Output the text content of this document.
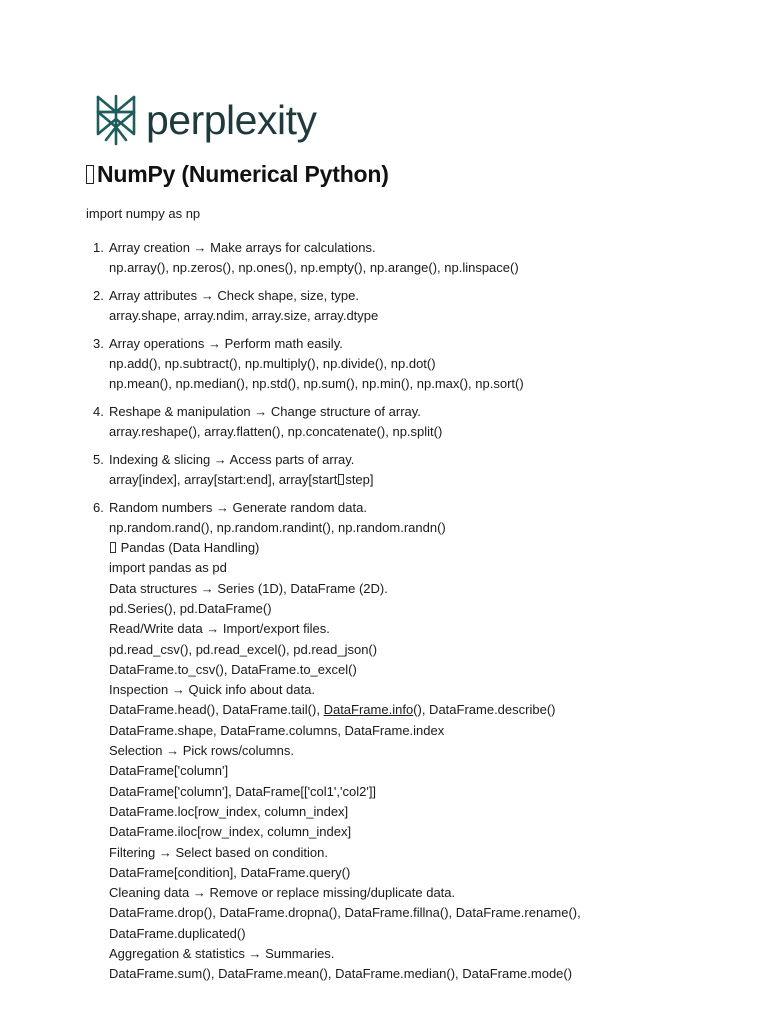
perplexity
NumPy (Numerical Python)
import numpy as np
1. Array creation → Make arrays for calculations.
np.array(), np.zeros(), np.ones(), np.empty(), np.arange(), np.linspace()
2. Array attributes → Check shape, size, type.
array.shape, array.ndim, array.size, array.dtype
3. Array operations → Perform math easily.
np.add(), np.subtract(), np.multiply(), np.divide(), np.dot()
np.mean(), np.median(), np.std(), np.sum(), np.min(), np.max(), np.sort()
4. Reshape & manipulation → Change structure of array.
array.reshape(), array.flatten(), np.concatenate(), np.split()
5. Indexing & slicing → Access parts of array.
array[index], array[start:end], array[start step]
6. Random numbers → Generate random data.
np.random.rand(), np.random.randint(), np.random.randn()
Pandas (Data Handling)
import pandas as pd
Data structures → Series (1D), DataFrame (2D).
pd.Series(), pd.DataFrame()
Read/Write data → Import/export files.
pd.read_csv(), pd.read_excel(), pd.read_json()
DataFrame.to_csv(), DataFrame.to_excel()
Inspection → Quick info about data.
DataFrame.head(), DataFrame.tail(), DataFrame.info(), DataFrame.describe()
DataFrame.shape, DataFrame.columns, DataFrame.index
Selection → Pick rows/columns.
DataFrame['column']
DataFrame['column'], DataFrame[['col1','col2']]
DataFrame.loc[row_index, column_index]
DataFrame.iloc[row_index, column_index]
Filtering → Select based on condition.
DataFrame[condition], DataFrame.query()
Cleaning data → Remove or replace missing/duplicate data.
DataFrame.drop(), DataFrame.dropna(), DataFrame.fillna(), DataFrame.rename(),
DataFrame.duplicated()
Aggregation & statistics → Summaries.
DataFrame.sum(), DataFrame.mean(), DataFrame.median(), DataFrame.mode()
